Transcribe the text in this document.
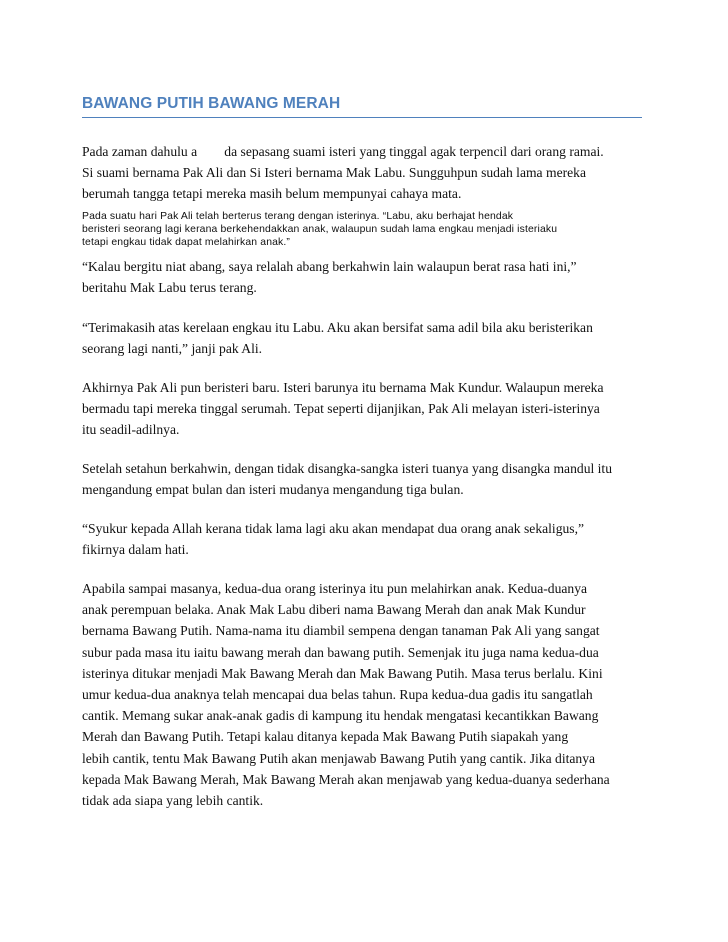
BAWANG PUTIH BAWANG MERAH
Pada zaman dahulu a        da sepasang suami isteri yang tinggal agak terpencil dari orang ramai.
Si suami bernama Pak Ali dan Si Isteri bernama Mak Labu. Sungguhpun sudah lama mereka
berumah tangga tetapi mereka masih belum mempunyai cahaya mata.
Pada suatu hari Pak Ali telah berterus terang dengan isterinya. “Labu, aku berhajat hendak
beristeri seorang lagi kerana berkehendakkan anak, walaupun sudah lama engkau menjadi isteriaku
tetapi engkau tidak dapat melahirkan anak.”
“Kalau bergitu niat abang, saya relalah abang berkahwin lain walaupun berat rasa hati ini,”
beritahu Mak Labu terus terang.
“Terimakasih atas kerelaan engkau itu Labu. Aku akan bersifat sama adil bila aku beristerikan
seorang lagi nanti,” janji pak Ali.
Akhirnya Pak Ali pun beristeri baru. Isteri barunya itu bernama Mak Kundur. Walaupun mereka
bermadu tapi mereka tinggal serumah. Tepat seperti dijanjikan, Pak Ali melayan isteri-isterinya
itu seadil-adilnya.
Setelah setahun berkahwin, dengan tidak disangka-sangka isteri tuanya yang disangka mandul itu
mengandung empat bulan dan isteri mudanya mengandung tiga bulan.
“Syukur kepada Allah kerana tidak lama lagi aku akan mendapat dua orang anak sekaligus,”
fikirnya dalam hati.
Apabila sampai masanya, kedua-dua orang isterinya itu pun melahirkan anak. Kedua-duanya
anak perempuan belaka. Anak Mak Labu diberi nama Bawang Merah dan anak Mak Kundur
bernama Bawang Putih. Nama-nama itu diambil sempena dengan tanaman Pak Ali yang sangat
subur pada masa itu iaitu bawang merah dan bawang putih. Semenjak itu juga nama kedua-dua
isterinya ditukar menjadi Mak Bawang Merah dan Mak Bawang Putih. Masa terus berlalu. Kini
umur kedua-dua anaknya telah mencapai dua belas tahun. Rupa kedua-dua gadis itu sangatlah
cantik. Memang sukar anak-anak gadis di kampung itu hendak mengatasi kecantikkan Bawang
Merah dan Bawang Putih. Tetapi kalau ditanya kepada Mak Bawang Putih siapakah yang
lebih cantik, tentu Mak Bawang Putih akan menjawab Bawang Putih yang cantik. Jika ditanya
kepada Mak Bawang Merah, Mak Bawang Merah akan menjawab yang kedua-duanya sederhana
tidak ada siapa yang lebih cantik.
